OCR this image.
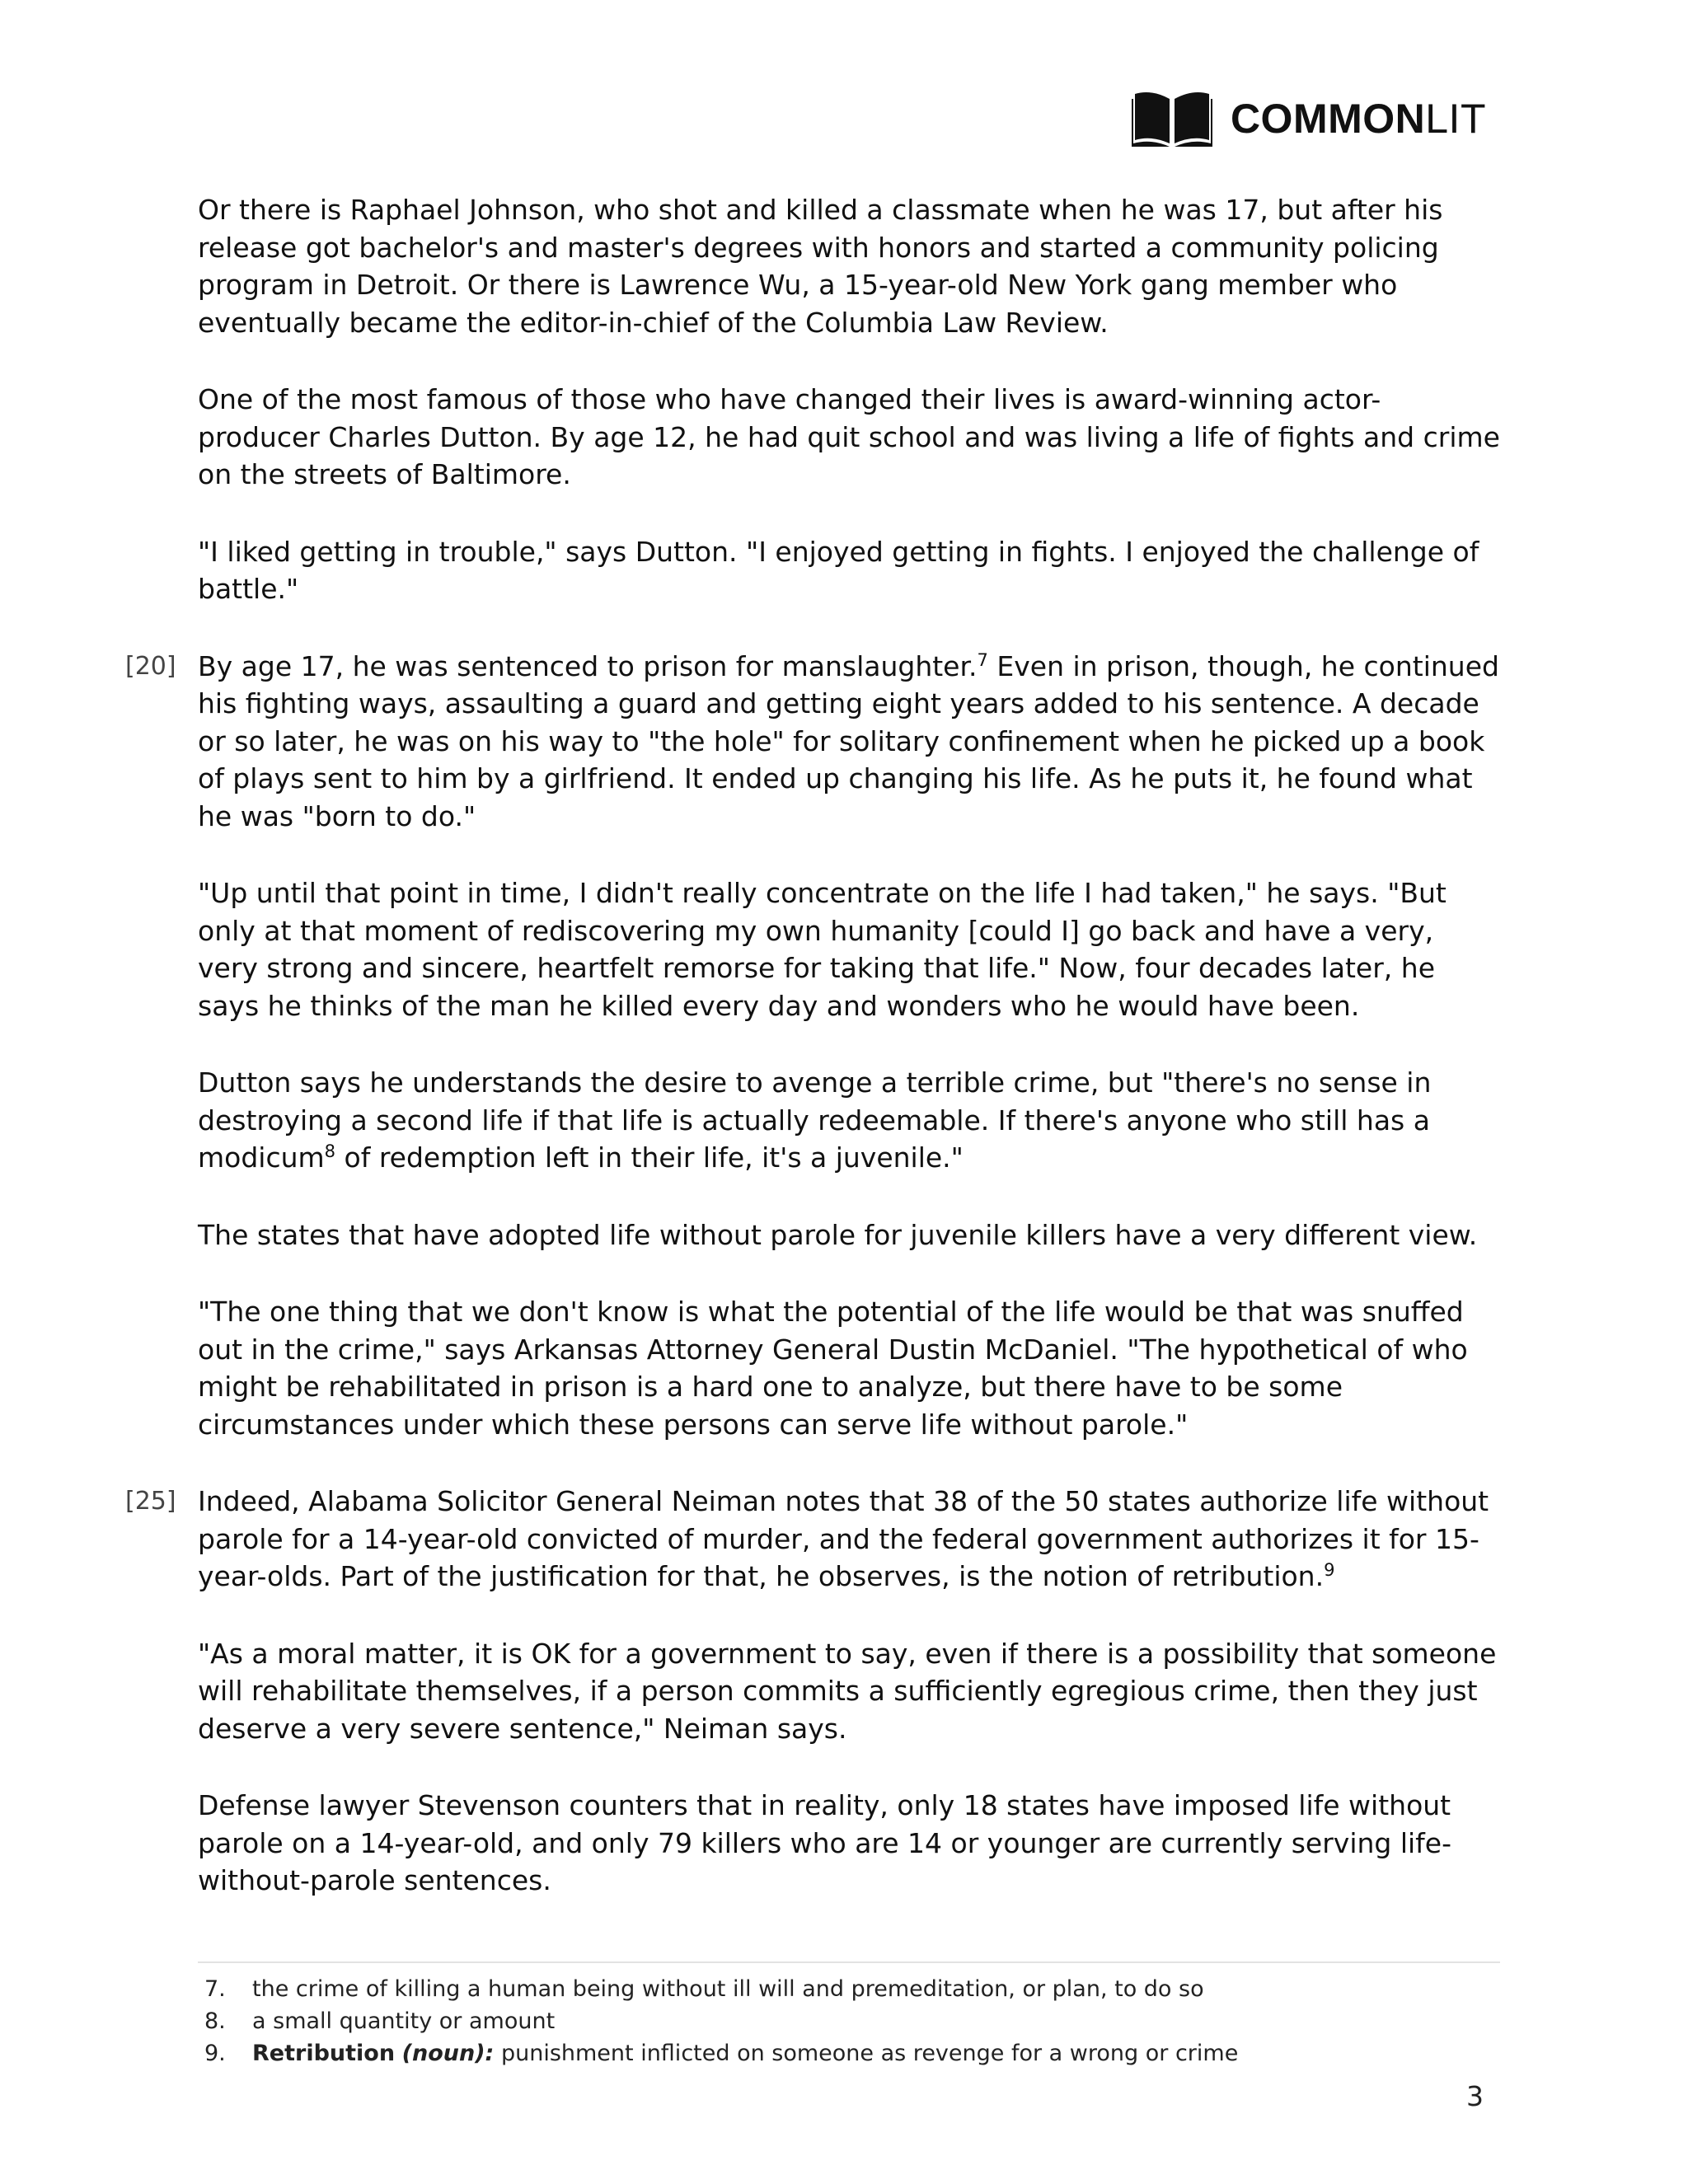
COMMONLIT

Or there is Raphael Johnson, who shot and killed a classmate when he was 17, but after his release got bachelor's and master's degrees with honors and started a community policing program in Detroit. Or there is Lawrence Wu, a 15-year-old New York gang member who eventually became the editor-in-chief of the Columbia Law Review.

One of the most famous of those who have changed their lives is award-winning actor-producer Charles Dutton. By age 12, he had quit school and was living a life of fights and crime on the streets of Baltimore.

"I liked getting in trouble," says Dutton. "I enjoyed getting in fights. I enjoyed the challenge of battle."

[20] By age 17, he was sentenced to prison for manslaughter.$^7$ Even in prison, though, he continued his fighting ways, assaulting a guard and getting eight years added to his sentence. A decade or so later, he was on his way to "the hole" for solitary confinement when he picked up a book of plays sent to him by a girlfriend. It ended up changing his life. As he puts it, he found what he was "born to do."

"Up until that point in time, I didn't really concentrate on the life I had taken," he says. "But only at that moment of rediscovering my own humanity [could I] go back and have a very, very strong and sincere, heartfelt remorse for taking that life." Now, four decades later, he says he thinks of the man he killed every day and wonders who he would have been.

Dutton says he understands the desire to avenge a terrible crime, but "there's no sense in destroying a second life if that life is actually redeemable. If there's anyone who still has a modicum$^8$ of redemption left in their life, it's a juvenile."

The states that have adopted life without parole for juvenile killers have a very different view.

"The one thing that we don't know is what the potential of the life would be that was snuffed out in the crime," says Arkansas Attorney General Dustin McDaniel. "The hypothetical of who might be rehabilitated in prison is a hard one to analyze, but there have to be some circumstances under which these persons can serve life without parole."

[25] Indeed, Alabama Solicitor General Neiman notes that 38 of the 50 states authorize life without parole for a 14-year-old convicted of murder, and the federal government authorizes it for 15-year-olds. Part of the justification for that, he observes, is the notion of retribution.$^9$

"As a moral matter, it is OK for a government to say, even if there is a possibility that someone will rehabilitate themselves, if a person commits a sufficiently egregious crime, then they just deserve a very severe sentence," Neiman says.

Defense lawyer Stevenson counters that in reality, only 18 states have imposed life without parole on a 14-year-old, and only 79 killers who are 14 or younger are currently serving life-without-parole sentences.

7.	the crime of killing a human being without ill will and premeditation, or plan, to do so
8.	a small quantity or amount
9.	Retribution (noun): punishment inflicted on someone as revenge for a wrong or crime
3
